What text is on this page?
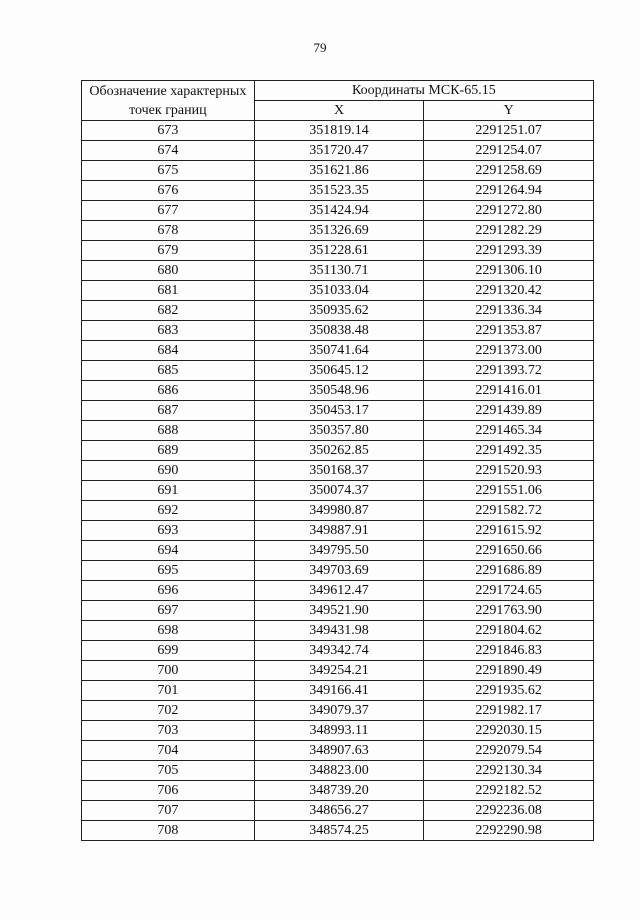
79
Обозначение характерных точек границ	Координаты МСК-65.15	
	X	Y
673	351819.14	2291251.07
674	351720.47	2291254.07
675	351621.86	2291258.69
676	351523.35	2291264.94
677	351424.94	2291272.80
678	351326.69	2291282.29
679	351228.61	2291293.39
680	351130.71	2291306.10
681	351033.04	2291320.42
682	350935.62	2291336.34
683	350838.48	2291353.87
684	350741.64	2291373.00
685	350645.12	2291393.72
686	350548.96	2291416.01
687	350453.17	2291439.89
688	350357.80	2291465.34
689	350262.85	2291492.35
690	350168.37	2291520.93
691	350074.37	2291551.06
692	349980.87	2291582.72
693	349887.91	2291615.92
694	349795.50	2291650.66
695	349703.69	2291686.89
696	349612.47	2291724.65
697	349521.90	2291763.90
698	349431.98	2291804.62
699	349342.74	2291846.83
700	349254.21	2291890.49
701	349166.41	2291935.62
702	349079.37	2291982.17
703	348993.11	2292030.15
704	348907.63	2292079.54
705	348823.00	2292130.34
706	348739.20	2292182.52
707	348656.27	2292236.08
708	348574.25	2292290.98
